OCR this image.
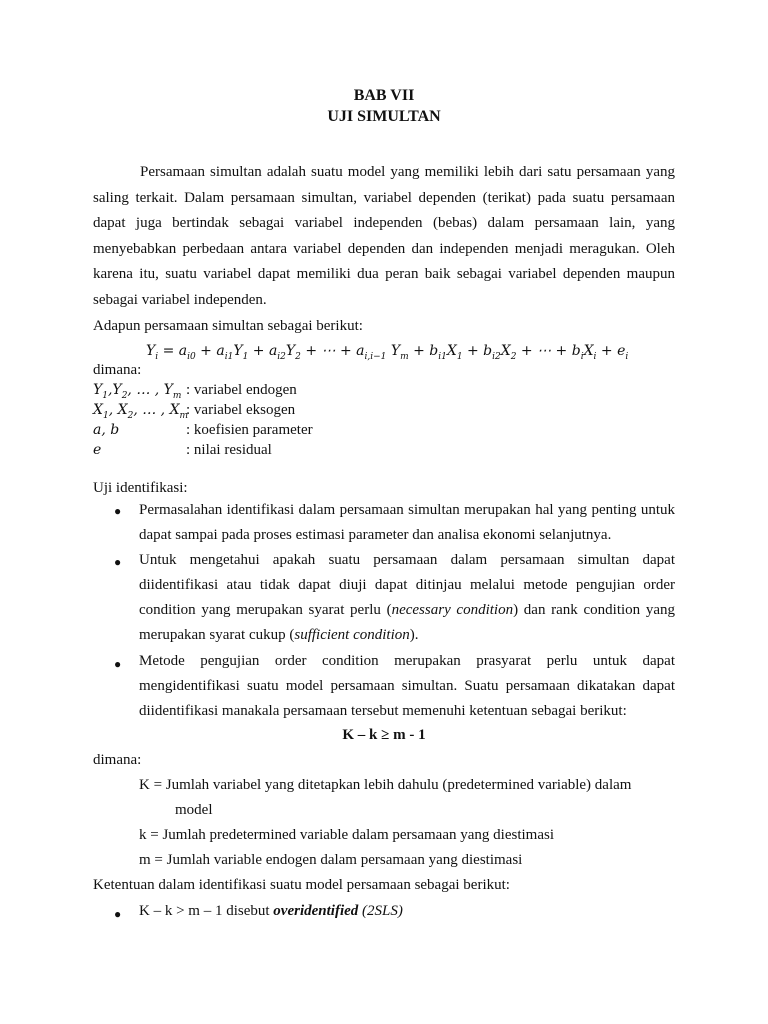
BAB VII
UJI SIMULTAN
Persamaan simultan adalah suatu model yang memiliki lebih dari satu persamaan yang saling terkait. Dalam persamaan simultan, variabel dependen (terikat) pada suatu persamaan dapat juga bertindak sebagai variabel independen (bebas) dalam persamaan lain, yang menyebabkan perbedaan antara variabel dependen dan independen menjadi meragukan. Oleh karena itu, suatu variabel dapat memiliki dua peran baik sebagai variabel dependen maupun sebagai variabel independen.
Adapun persamaan simultan sebagai berikut:
$Y_i = a_{i0} + a_{i1}Y_1 + a_{i2}Y_2$ + ⋯ + $a_{i,i-1}$ $Y_m + b_{i1}X_1 + b_{i2}X_2$ + ⋯ + $b_iX_i + e_i$
dimana:
$Y_1,Y_2$, … , $Y_m$ : variabel endogen
$X_1$, $X_2$, … , $X_m$
: variabel eksogen
a, b	: koefisien parameter
e	: nilai residual
Uji identifikasi:
● Permasalahan identifikasi dalam persamaan simultan merupakan hal yang penting untuk dapat sampai pada proses estimasi parameter dan analisa ekonomi selanjutnya.
● Untuk mengetahui apakah suatu persamaan dalam persamaan simultan dapat diidentifikasi atau tidak dapat diuji dapat ditinjau melalui metode pengujian order condition yang merupakan syarat perlu (necessary condition) dan rank condition yang merupakan syarat cukup (sufficient condition).
● Metode pengujian order condition merupakan prasyarat perlu untuk dapat mengidentifikasi suatu model persamaan simultan. Suatu persamaan dikatakan dapat diidentifikasi manakala persamaan tersebut memenuhi ketentuan sebagai berikut:
K – k ≥ m - 1
dimana:
K = Jumlah variabel yang ditetapkan lebih dahulu (predetermined variable) dalam
model
k = Jumlah predetermined variable dalam persamaan yang diestimasi
m = Jumlah variable endogen dalam persamaan yang diestimasi
Ketentuan dalam identifikasi suatu model persamaan sebagai berikut:
● K – k > m – 1 disebut overidentified (2SLS)
